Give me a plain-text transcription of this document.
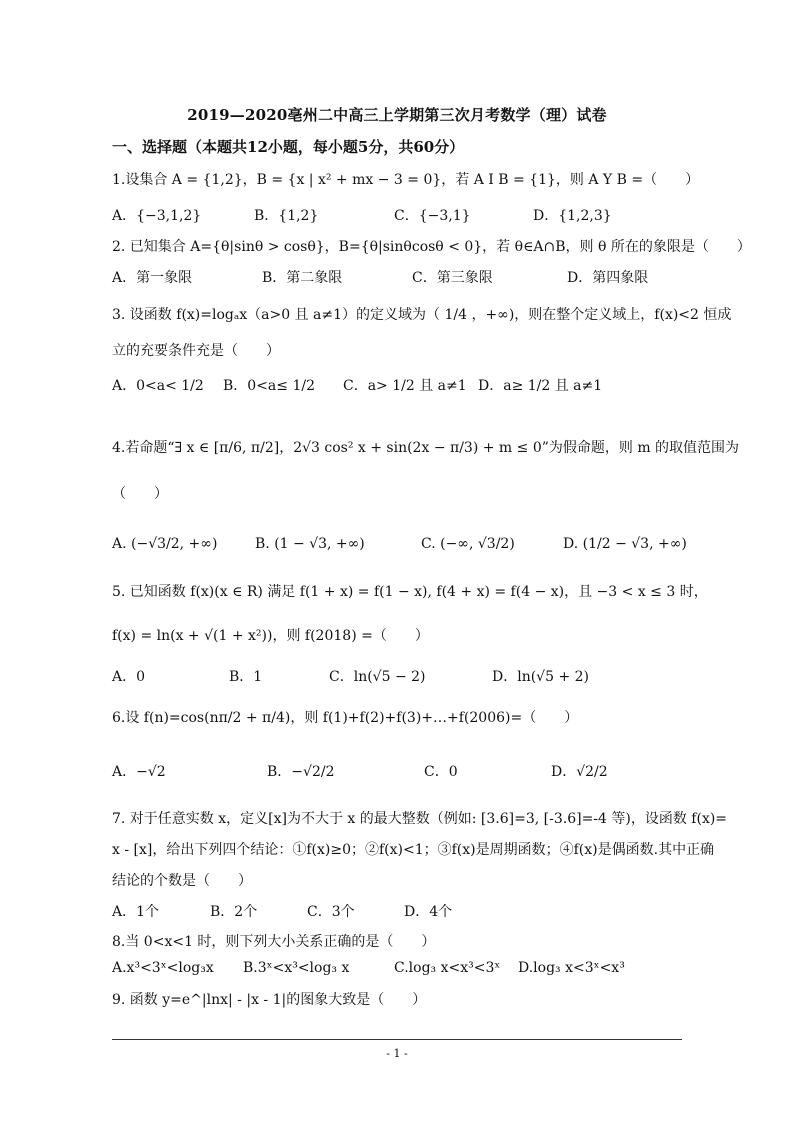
2019—2020亳州二中高三上学期第三次月考数学（理）试卷
一、选择题（本题共12小题，每小题5分，共60分）
1.设集合 A = {1,2}，B = {x | x² + mx − 3 = 0}，若 A I B = {1}，则 A Y B =（　　）
A．{−3,1,2}	B．{1,2}	C．{−3,1}	D．{1,2,3}
2. 已知集合 A={θ|sinθ > cosθ}，B={θ|sinθcosθ < 0}，若 θ∈A∩B，则 θ 所在的象限是（　　）
A．第一象限	B．第二象限	C．第三象限	D．第四象限
3. 设函数 f(x)=logₐx（a>0 且 a≠1）的定义域为（ 1/4 ，+∞)，则在整个定义域上，f(x)<2 恒成
立的充要条件充是（　　）
A．0<a< 1/2 B．0<a≤ 1/2 C．a> 1/2 且 a≠1 D．a≥ 1/2 且 a≠1
4.若命题“∃ x ∈ [π/6, π/2]，2√3 cos² x + sin(2x − π/3) + m ≤ 0”为假命题，则 m 的取值范围为
（　　）
A. (−√3/2, +∞)	B. (1 − √3, +∞)	C. (−∞, √3/2)	D. (1/2 − √3, +∞)
5. 已知函数 f(x)(x ∈ R) 满足 f(1 + x) = f(1 − x), f(4 + x) = f(4 − x)，且 −3 < x ≤ 3 时，
f(x) = ln(x + √(1 + x²))，则 f(2018) =（　　）
A．0	B．1	C．ln(√5 − 2)	D．ln(√5 + 2)
6.设 f(n)=cos(nπ/2 + π/4)，则 f(1)+f(2)+f(3)+…+f(2006)=（　　）
A．−√2	B．−√2/2	C．0	D．√2/2
7. 对于任意实数 x，定义[x]为不大于 x 的最大整数（例如: [3.6]=3, [-3.6]=-4 等)，设函数 f(x)=
x - [x]，给出下列四个结论：①f(x)≥0；②f(x)<1；③f(x)是周期函数；④f(x)是偶函数.其中正确
结论的个数是（　　）
A．1个	B．2个	C．3个	D．4个
8.当 0<x<1 时，则下列大小关系正确的是（　　）
A.x³<3ˣ<log₃x B.3ˣ<x³<log₃ x	C.log₃ x<x³<3ˣ D.log₃ x<3ˣ<x³
9. 函数 y=e^|lnx| - |x - 1|的图象大致是（　　）
- 1 -
